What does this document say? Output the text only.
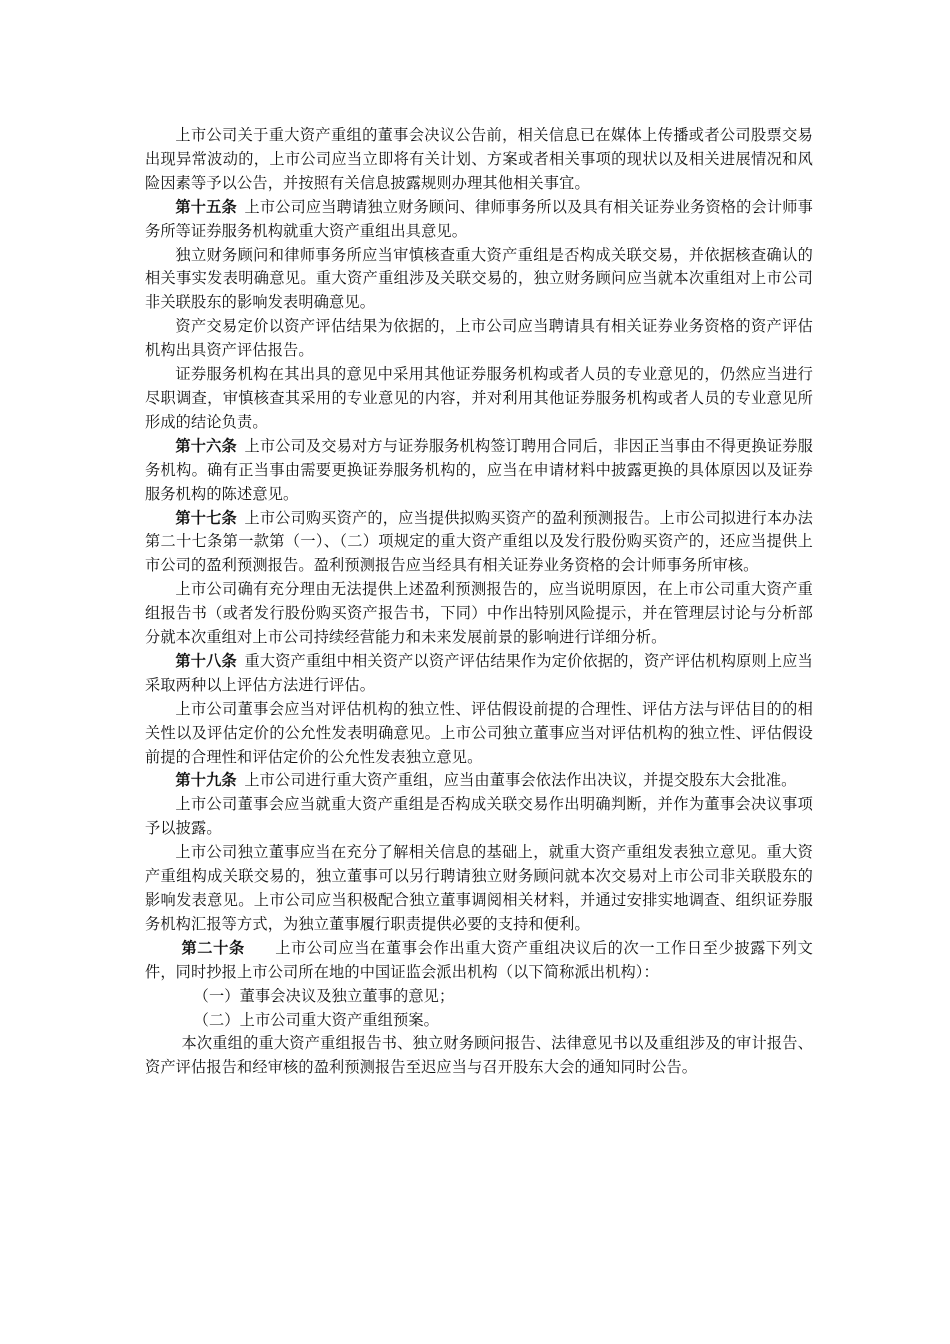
上市公司关于重大资产重组的董事会决议公告前，相关信息已在媒体上传播或者公司股票交易出现异常波动的，上市公司应当立即将有关计划、方案或者相关事项的现状以及相关进展情况和风险因素等予以公告，并按照有关信息披露规则办理其他相关事宜。

第十五条 上市公司应当聘请独立财务顾问、律师事务所以及具有相关证券业务资格的会计师事务所等证券服务机构就重大资产重组出具意见。

独立财务顾问和律师事务所应当审慎核查重大资产重组是否构成关联交易，并依据核查确认的相关事实发表明确意见。重大资产重组涉及关联交易的，独立财务顾问应当就本次重组对上市公司非关联股东的影响发表明确意见。

资产交易定价以资产评估结果为依据的，上市公司应当聘请具有相关证券业务资格的资产评估机构出具资产评估报告。

证券服务机构在其出具的意见中采用其他证券服务机构或者人员的专业意见的，仍然应当进行尽职调查，审慎核查其采用的专业意见的内容，并对利用其他证券服务机构或者人员的专业意见所形成的结论负责。

第十六条 上市公司及交易对方与证券服务机构签订聘用合同后，非因正当事由不得更换证券服务机构。确有正当事由需要更换证券服务机构的，应当在申请材料中披露更换的具体原因以及证券服务机构的陈述意见。

第十七条 上市公司购买资产的，应当提供拟购买资产的盈利预测报告。上市公司拟进行本办法第二十七条第一款第（一）、（二）项规定的重大资产重组以及发行股份购买资产的，还应当提供上市公司的盈利预测报告。盈利预测报告应当经具有相关证券业务资格的会计师事务所审核。

上市公司确有充分理由无法提供上述盈利预测报告的，应当说明原因，在上市公司重大资产重组报告书（或者发行股份购买资产报告书，下同）中作出特别风险提示，并在管理层讨论与分析部分就本次重组对上市公司持续经营能力和未来发展前景的影响进行详细分析。

第十八条 重大资产重组中相关资产以资产评估结果作为定价依据的，资产评估机构原则上应当采取两种以上评估方法进行评估。

上市公司董事会应当对评估机构的独立性、评估假设前提的合理性、评估方法与评估目的的相关性以及评估定价的公允性发表明确意见。上市公司独立董事应当对评估机构的独立性、评估假设前提的合理性和评估定价的公允性发表独立意见。

第十九条 上市公司进行重大资产重组，应当由董事会依法作出决议，并提交股东大会批准。

上市公司董事会应当就重大资产重组是否构成关联交易作出明确判断，并作为董事会决议事项予以披露。

上市公司独立董事应当在充分了解相关信息的基础上，就重大资产重组发表独立意见。重大资产重组构成关联交易的，独立董事可以另行聘请独立财务顾问就本次交易对上市公司非关联股东的影响发表意见。上市公司应当积极配合独立董事调阅相关材料，并通过安排实地调查、组织证券服务机构汇报等方式，为独立董事履行职责提供必要的支持和便利。

第二十条 上市公司应当在董事会作出重大资产重组决议后的次一工作日至少披露下列文件，同时抄报上市公司所在地的中国证监会派出机构（以下简称派出机构）：

（一）董事会决议及独立董事的意见；

（二）上市公司重大资产重组预案。

本次重组的重大资产重组报告书、独立财务顾问报告、法律意见书以及重组涉及的审计报告、资产评估报告和经审核的盈利预测报告至迟应当与召开股东大会的通知同时公告。
